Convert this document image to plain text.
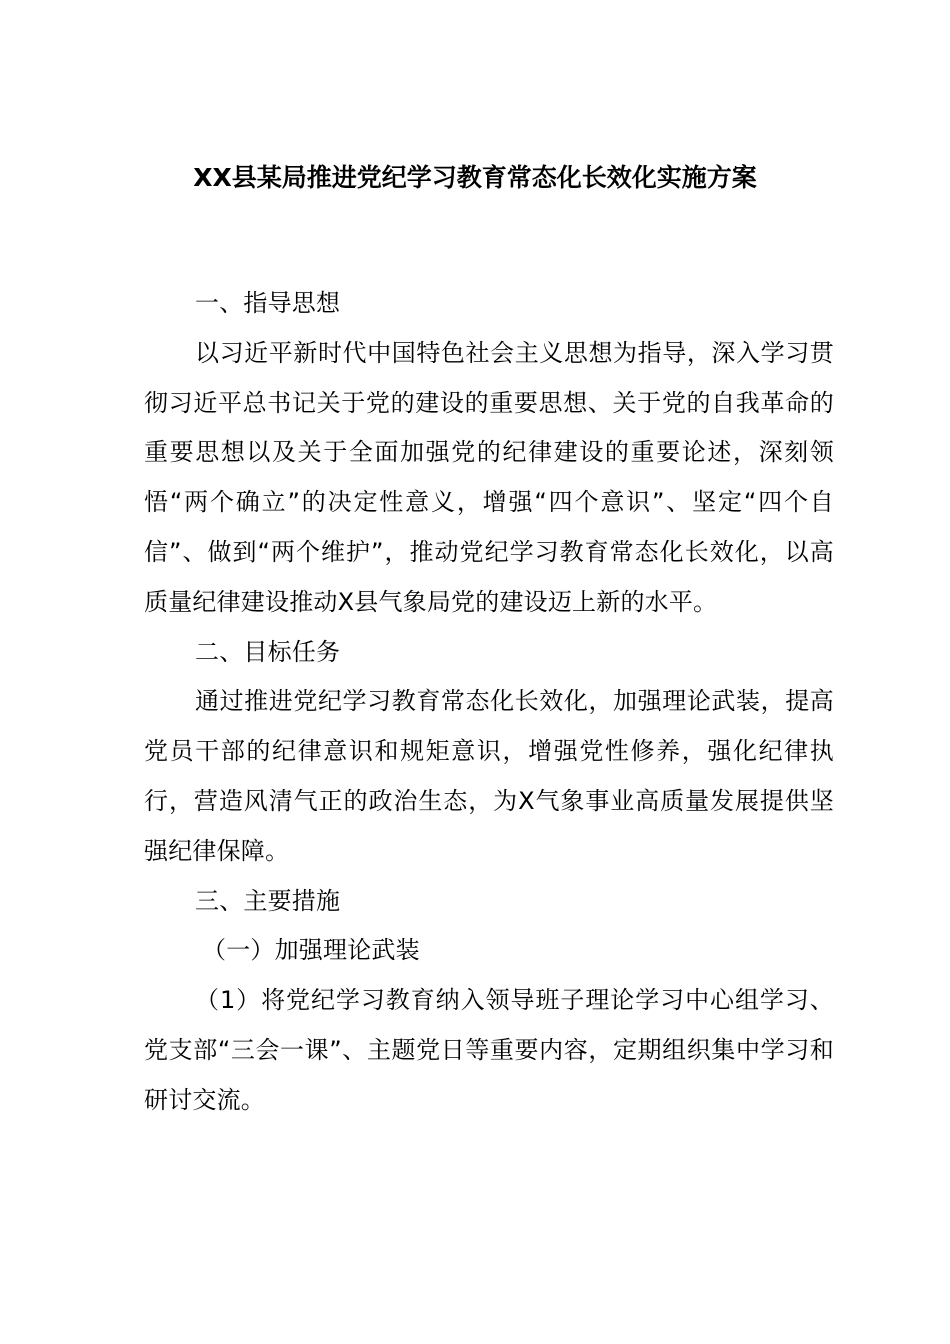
XX县某局推进党纪学习教育常态化长效化实施方案

一、指导思想

以习近平新时代中国特色社会主义思想为指导，深入学习贯彻习近平总书记关于党的建设的重要思想、关于党的自我革命的重要思想以及关于全面加强党的纪律建设的重要论述，深刻领悟“两个确立”的决定性意义，增强“四个意识”、坚定“四个自信”、做到“两个维护”，推动党纪学习教育常态化长效化，以高质量纪律建设推动X县气象局党的建设迈上新的水平。

二、目标任务

通过推进党纪学习教育常态化长效化，加强理论武装，提高党员干部的纪律意识和规矩意识，增强党性修养，强化纪律执行，营造风清气正的政治生态，为X气象事业高质量发展提供坚强纪律保障。

三、主要措施

（一）加强理论武装

（1）将党纪学习教育纳入领导班子理论学习中心组学习、党支部“三会一课”、主题党日等重要内容，定期组织集中学习和研讨交流。
